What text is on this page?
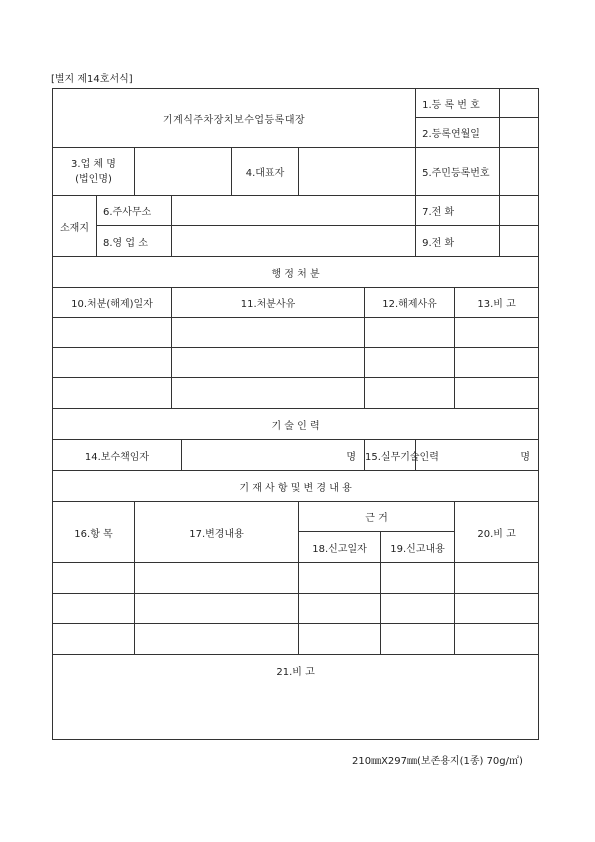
[별지 제14호서식]
기계식주차장치보수업등록대장									1.등 록 번 호		
									2.등록연월일		
3.업 체 명
(법인명)					4.대표자				5.주민등록번호		
소재지	6.주사무소								7.전 화		
	8.영 업 소								9.전 화		
행 정 처 분											
10.처분(해제)일자			11.처분사유				12.해제사유			13.비 고	

기 술 인 력											
14.보수책임자				명			15.실무기술인력		명		
기 재 사 항 및 변 경 내 용											
16.항 목		17.변경내용				근 거				20.비 고	
						18.신고일자		19.신고내용			

21.비 고											
210㎜X297㎜(보존용지(1종) 70g/㎡)
